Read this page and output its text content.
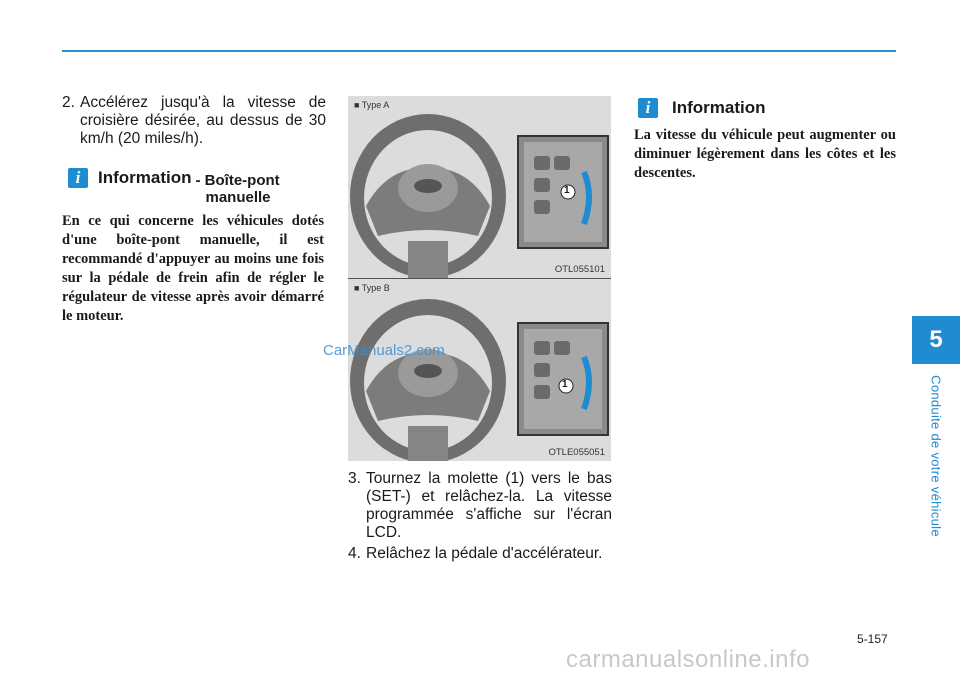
2. Accélérez jusqu'à la vitesse de croisière désirée, au dessus de 30 km/h (20 miles/h).
i	Information - Boîte-pont
manuelle
En ce qui concerne les véhicules dotés d'une boîte-pont manuelle, il est recommandé d'appuyer au moins une fois sur la pédale de frein afin de régler le régulateur de vitesse après avoir démarré le moteur.
■ Type A
1
OTL055101
■ Type B
1
OTLE055051
3. Tournez la molette (1) vers le bas (SET-) et relâchez-la. La vitesse programmée s'affiche sur l'écran LCD.
4. Relâchez la pédale d'accélérateur.
i	Information
La vitesse du véhicule peut augmenter ou diminuer légèrement dans les côtes et les descentes.
5
Conduite de votre véhicule
CarManuals2.com
5-157
carmanualsonline.info
